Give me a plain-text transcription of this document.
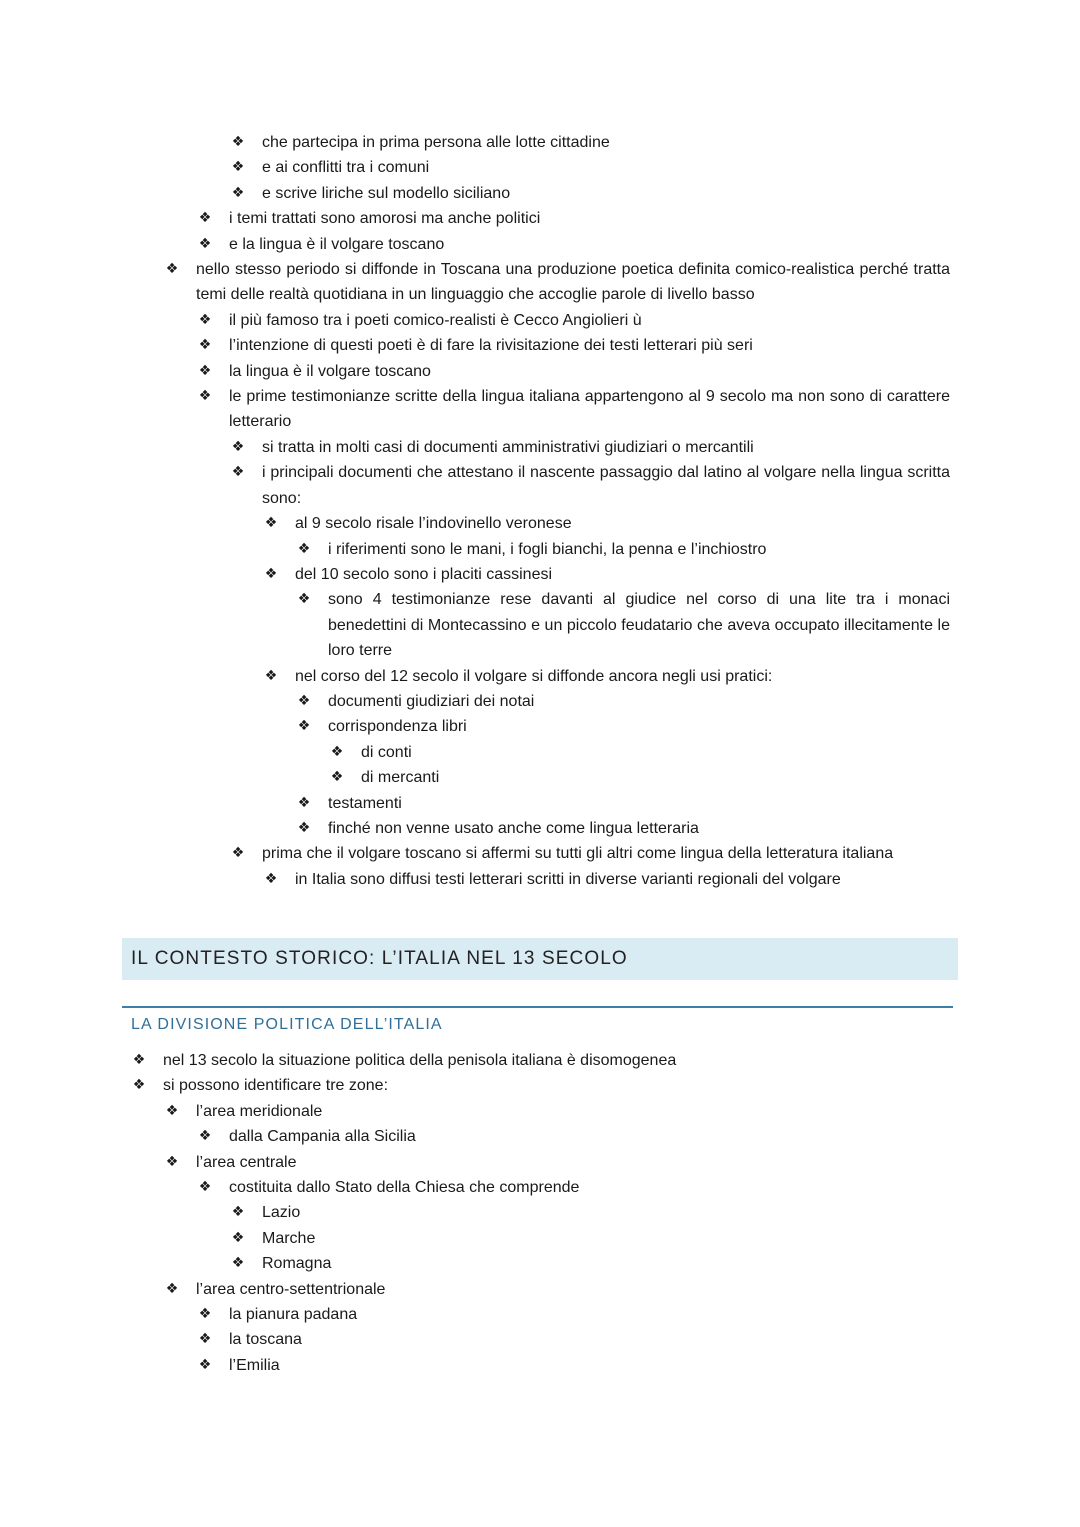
❖ che partecipa in prima persona alle lotte cittadine
❖ e ai conflitti tra i comuni
❖ e scrive liriche sul modello siciliano
❖ i temi trattati sono amorosi ma anche politici
❖ e la lingua è il volgare toscano
❖ nello stesso periodo si diffonde in Toscana una produzione poetica definita comico-realistica perché tratta temi delle realtà quotidiana in un linguaggio che accoglie parole di livello basso
❖ il più famoso tra i poeti comico-realisti è Cecco Angiolieri ù
❖ l’intenzione di questi poeti è di fare la rivisitazione dei testi letterari più seri
❖ la lingua è il volgare toscano
❖ le prime testimonianze scritte della lingua italiana appartengono al 9 secolo ma non sono di carattere letterario
❖ si tratta in molti casi di documenti amministrativi giudiziari o mercantili
❖ i principali documenti che attestano il nascente passaggio dal latino al volgare nella lingua scritta sono:
❖ al 9 secolo risale l’indovinello veronese
❖ i riferimenti sono le mani, i fogli bianchi, la penna e l’inchiostro
❖ del 10 secolo sono i placiti cassinesi
❖ sono 4 testimonianze rese davanti al giudice nel corso di una lite tra i monaci benedettini di Montecassino e un piccolo feudatario che aveva occupato illecitamente le loro terre
❖ nel corso del 12 secolo il volgare si diffonde ancora negli usi pratici:
❖ documenti giudiziari dei notai
❖ corrispondenza libri
❖ di conti
❖ di mercanti
❖ testamenti
❖ finché non venne usato anche come lingua letteraria
❖ prima che il volgare toscano si affermi su tutti gli altri come lingua della letteratura italiana
❖ in Italia sono diffusi testi letterari scritti in diverse varianti regionali del volgare
IL CONTESTO STORICO: L’ITALIA NEL 13 SECOLO
LA DIVISIONE POLITICA DELL’ITALIA
❖ nel 13 secolo la situazione politica della penisola italiana è disomogenea
❖ si possono identificare tre zone:
❖ l’area meridionale
❖ dalla Campania alla Sicilia
❖ l’area centrale
❖ costituita dallo Stato della Chiesa che comprende
❖ Lazio
❖ Marche
❖ Romagna
❖ l’area centro-settentrionale
❖ la pianura padana
❖ la toscana
❖ l’Emilia
